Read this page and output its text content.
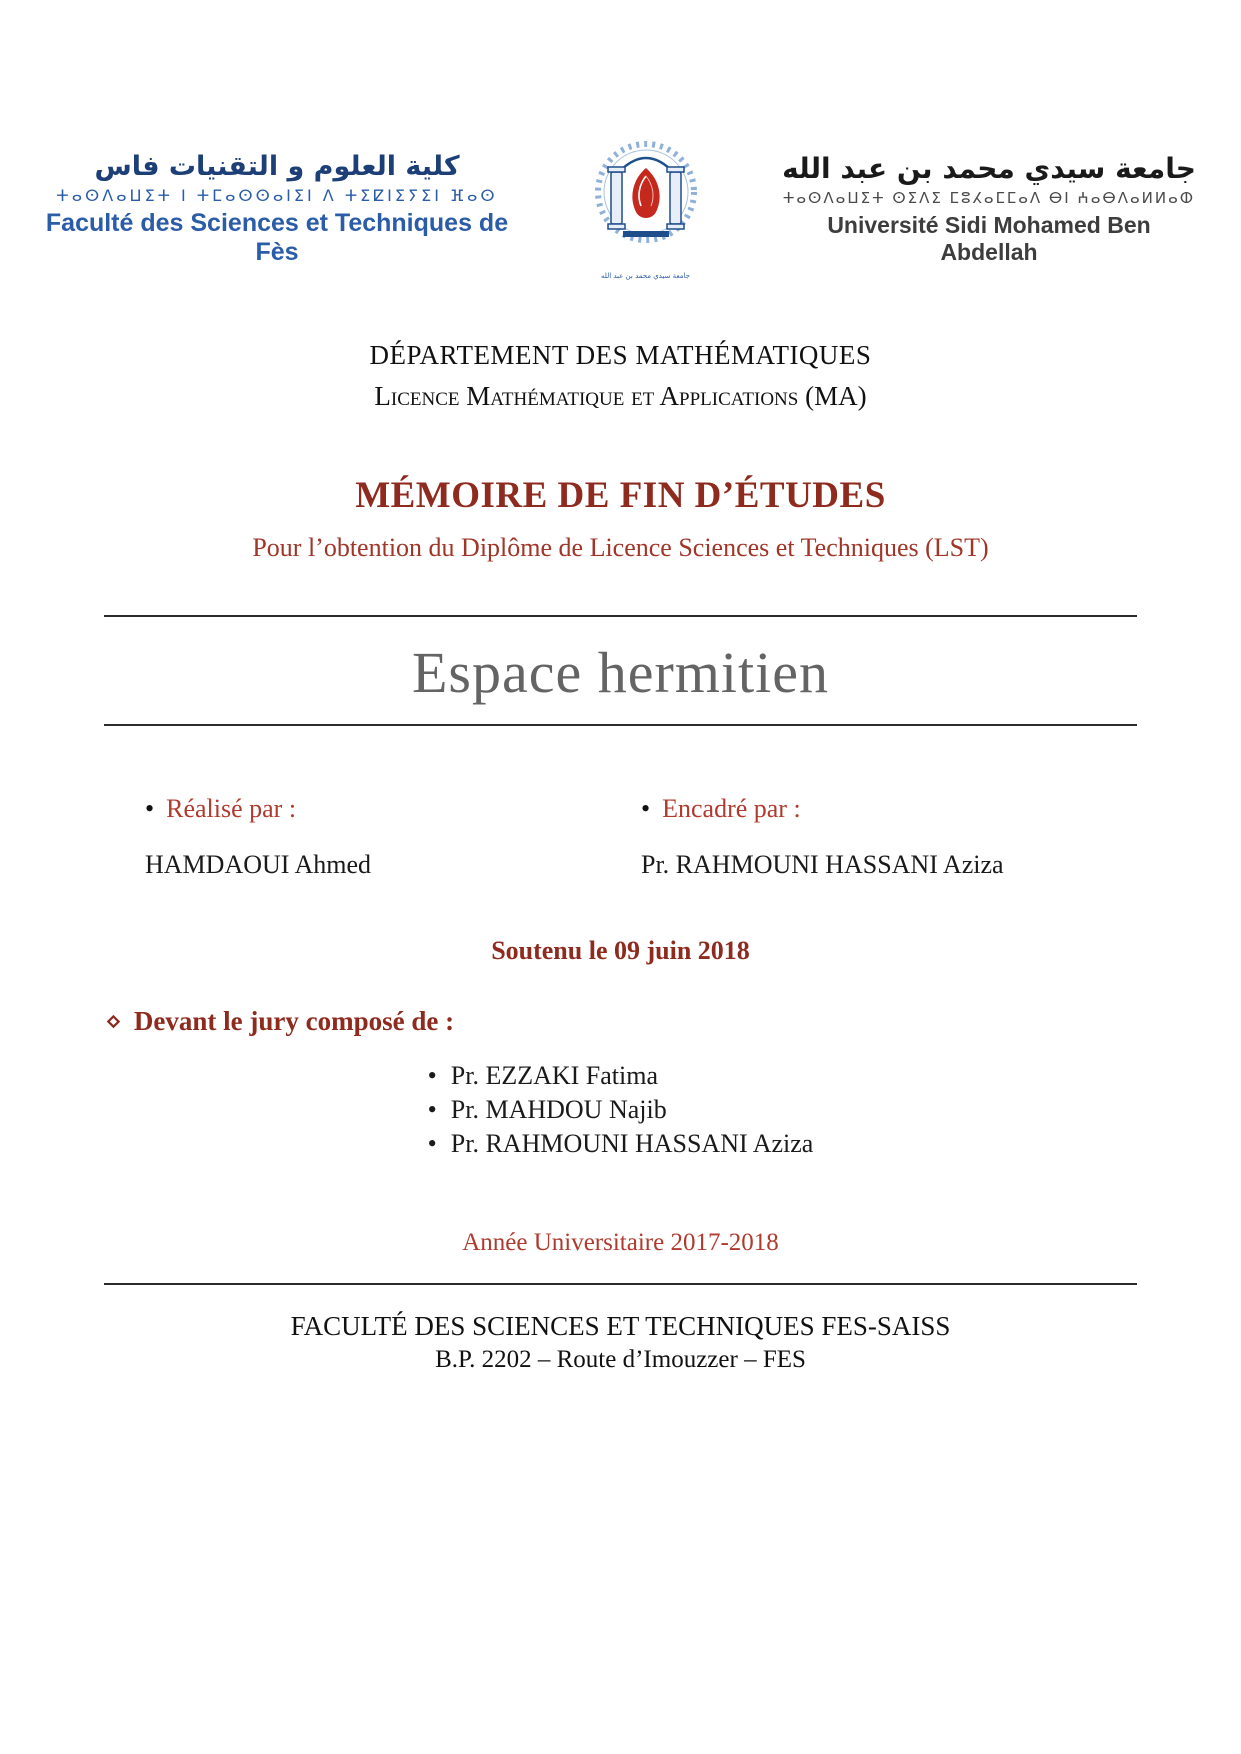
كلية العلوم و التقنيات فاس
ⵜⴰⵙⴷⴰⵡⵉⵜ ⵏ ⵜⵎⴰⵙⵙⴰⵏⵉⵏ ⴷ ⵜⵉⵇⵏⵉⵢⵉⵏ ⴼⴰⵙ
Faculté des Sciences et Techniques de Fès
جامعة سيدي محمد بن عبد الله
جامعة سيدي محمد بن عبد الله
ⵜⴰⵙⴷⴰⵡⵉⵜ ⵙⵉⴷⵉ ⵎⵓⵃⴰⵎⵎⴰⴷ ⴱⵏ ⵄⴰⴱⴷⴰⵍⵍⴰⵀ
Université Sidi Mohamed Ben Abdellah
DÉPARTEMENT DES MATHÉMATIQUES
Licence Mathématique et Applications (MA)
MÉMOIRE DE FIN D’ÉTUDES
Pour l’obtention du Diplôme de Licence Sciences et Techniques (LST)
Espace hermitien
• Réalisé par :
HAMDAOUI Ahmed
• Encadré par :
Pr. RAHMOUNI HASSANI Aziza
Soutenu le 09 juin 2018
⋄ Devant le jury composé de :
• Pr. EZZAKI Fatima
• Pr. MAHDOU Najib
• Pr. RAHMOUNI HASSANI Aziza
Année Universitaire 2017-2018
FACULTÉ DES SCIENCES ET TECHNIQUES FES-SAISS
B.P. 2202 – Route d’Imouzzer – FES
